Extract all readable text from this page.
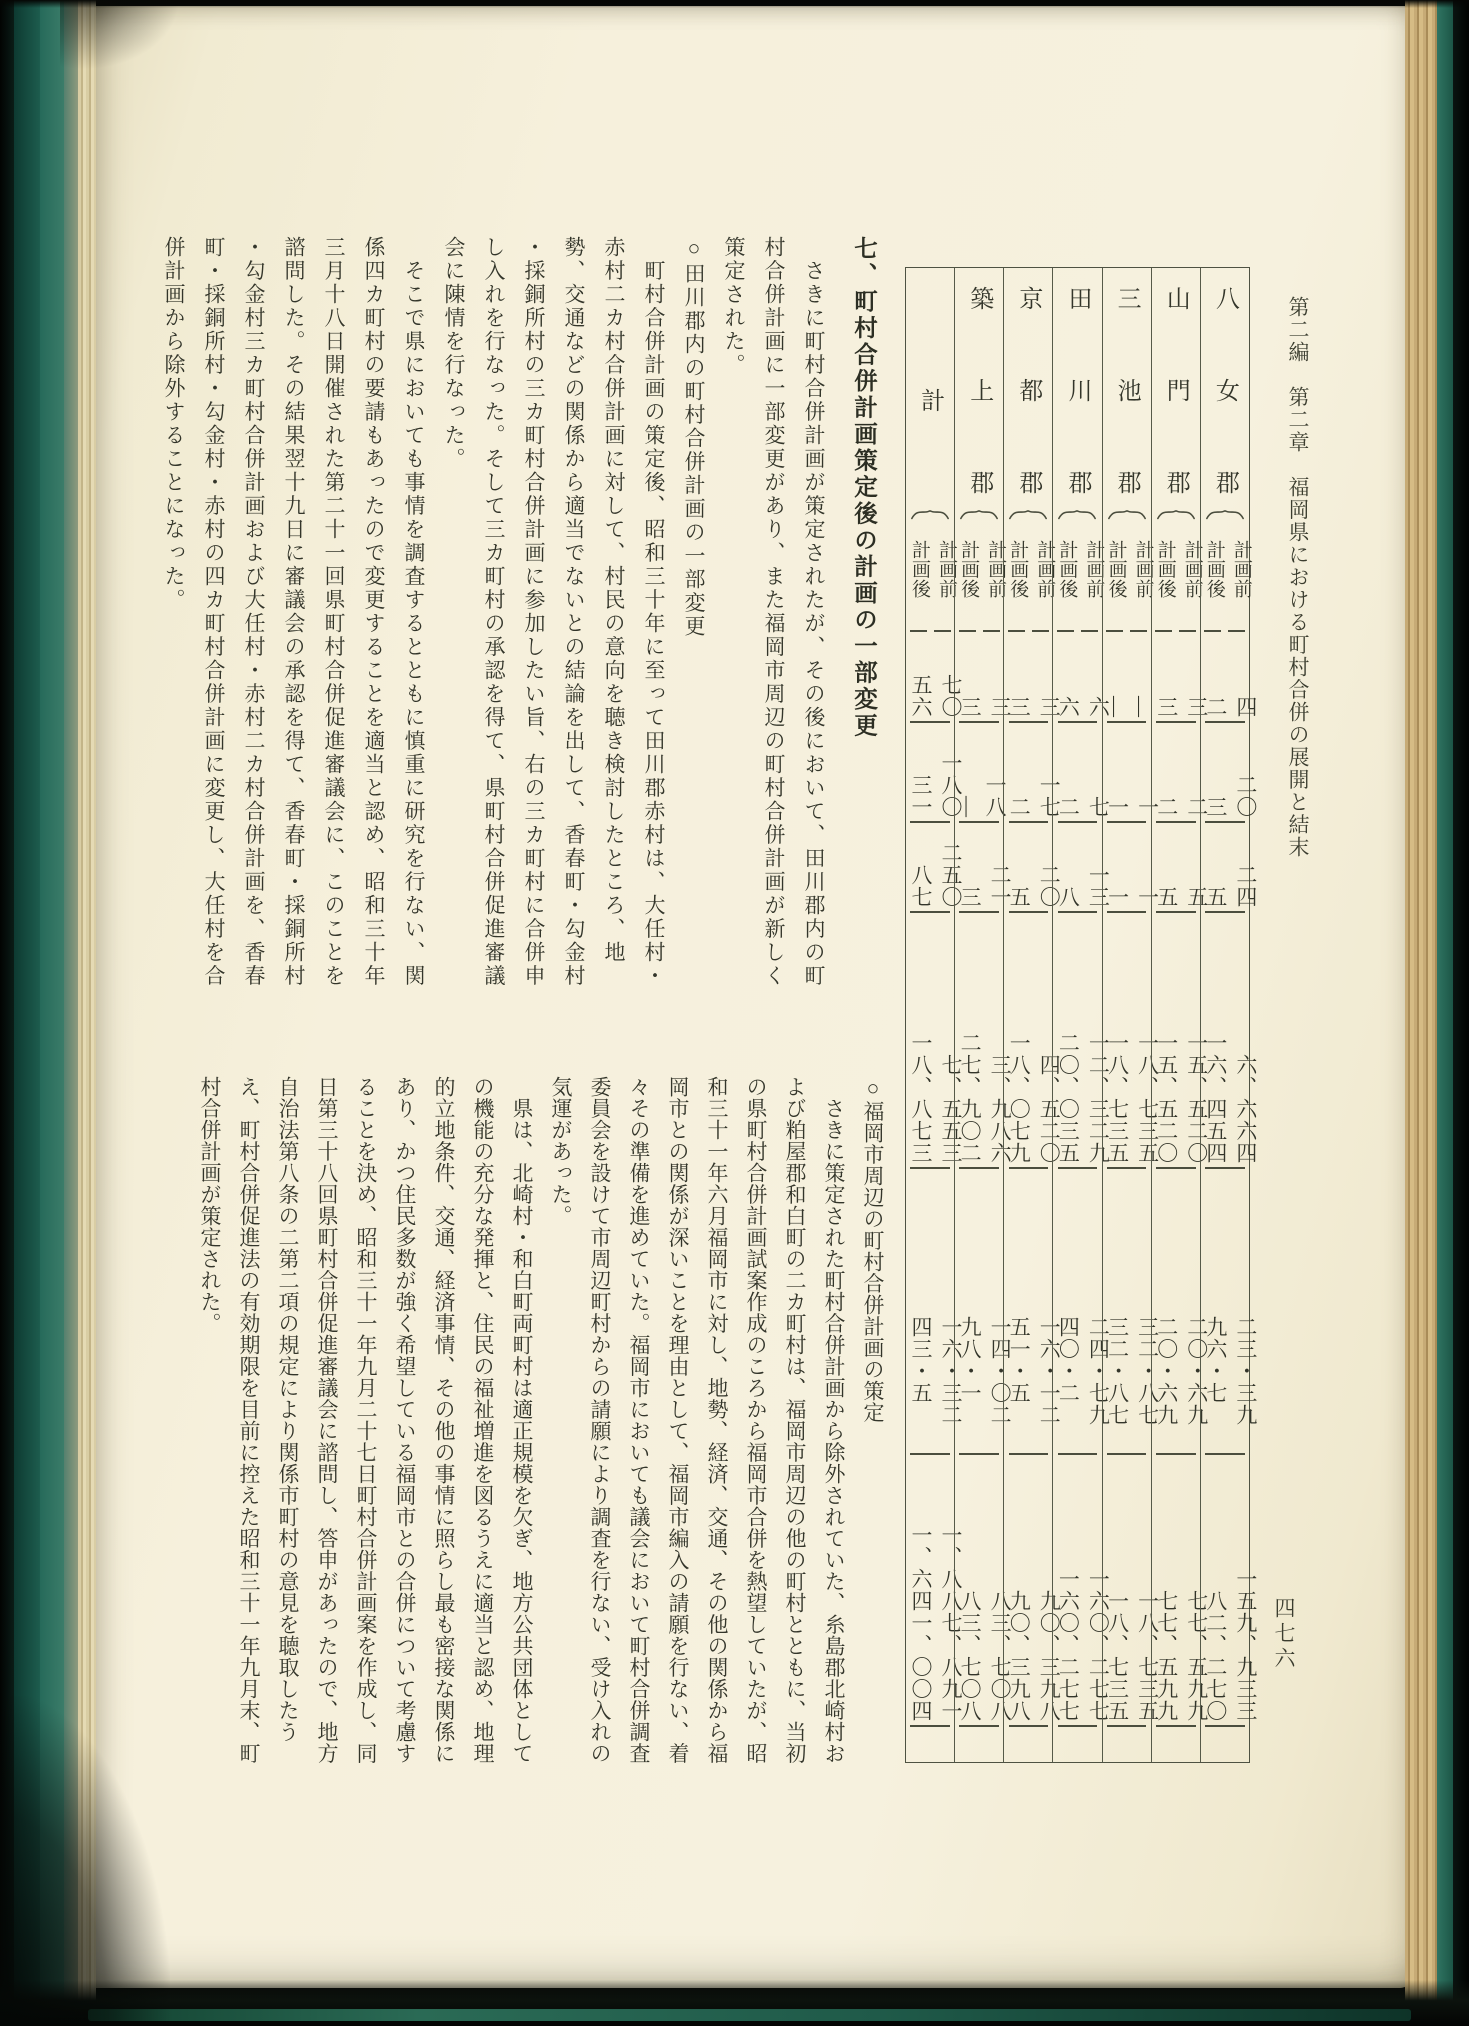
第二編　第二章　福岡県における町村合併の展開と結末
四七六
計
計画後 計画前
五六 七〇
三一 一八〇
八七 二五〇
一八、八七三 七、五五三
四三・五 一六・三二
一、六四一、〇〇四 一、八八七、八九一
築上郡
計画後 計画前
三 三
— 一八
三 二一
二七、九〇二 三、九八六
九八・一 一四・〇二
八三、七〇八 八三、七〇八
京都郡
計画後 計画前
三 三
二 一七
五 二〇
一八、〇七九 四、五二〇
五一・五 一六・一二
九〇、三九八 九〇、三九八
田川郡
計画後 計画前
六 六
二 七
八 一三
二〇、〇三五 一二、三二九
四〇・二 二四・七九
一六〇、二七七 一六〇、二七七
三池郡
計画後 計画前
— —
一 一
一 一
一八、七三五 一八、七三五
三二・八七 三二・八七
一八、七三五 一八、七三五
山門郡
計画後 計画前
三 三
二 二
五 五
一五、五二〇 一五、五二〇
二〇・六九 二〇・六九
七七、五九九 七七、五九九
八女郡
計画後 計画前
二 四
三 二〇
五 二四
一六、四五四 六、六六四
九六・七 二三・三九
八二、二七〇 一五九、九三三
七、町村合併計画策定後の計画の一部変更

　さきに町村合併計画が策定されたが、その後において、田川郡内の町

村合併計画に一部変更があり、また福岡市周辺の町村合併計画が新しく

策定された。

○田川郡内の町村合併計画の一部変更

　町村合併計画の策定後、昭和三十年に至って田川郡赤村は、大任村・

赤村二カ村合併計画に対して、村民の意向を聴き検討したところ、地

勢、交通などの関係から適当でないとの結論を出して、香春町・勾金村

・採銅所村の三カ町村合併計画に参加したい旨、右の三カ町村に合併申

し入れを行なった。そして三カ町村の承認を得て、県町村合併促進審議

会に陳情を行なった。

　そこで県においても事情を調査するとともに慎重に研究を行ない、関

係四カ町村の要請もあったので変更することを適当と認め、昭和三十年

三月十八日開催された第二十一回県町村合併促進審議会に、このことを

諮問した。その結果翌十九日に審議会の承認を得て、香春町・採銅所村

・勾金村三カ町村合併計画および大任村・赤村二カ村合併計画を、香春

町・採銅所村・勾金村・赤村の四カ町村合併計画に変更し、大任村を合

併計画から除外することになった。

○福岡市周辺の町村合併計画の策定

　さきに策定された町村合併計画から除外されていた、糸島郡北崎村お

よび粕屋郡和白町の二カ町村は、福岡市周辺の他の町村とともに、当初

の県町村合併計画試案作成のころから福岡市合併を熱望していたが、昭

和三十一年六月福岡市に対し、地勢、経済、交通、その他の関係から福

岡市との関係が深いことを理由として、福岡市編入の請願を行ない、着

々その準備を進めていた。福岡市においても議会において町村合併調査

委員会を設けて市周辺町村からの請願により調査を行ない、受け入れの

気運があった。

　県は、北崎村・和白町両町村は適正規模を欠ぎ、地方公共団体として

の機能の充分な発揮と、住民の福祉増進を図るうえに適当と認め、地理

的立地条件、交通、経済事情、その他の事情に照らし最も密接な関係に

あり、かつ住民多数が強く希望している福岡市との合併について考慮す

ることを決め、昭和三十一年九月二十七日町村合併計画案を作成し、同

日第三十八回県町村合併促進審議会に諮問し、答申があったので、地方

自治法第八条の二第二項の規定により関係市町村の意見を聴取したう

え、町村合併促進法の有効期限を目前に控えた昭和三十一年九月末、町

村合併計画が策定された。
